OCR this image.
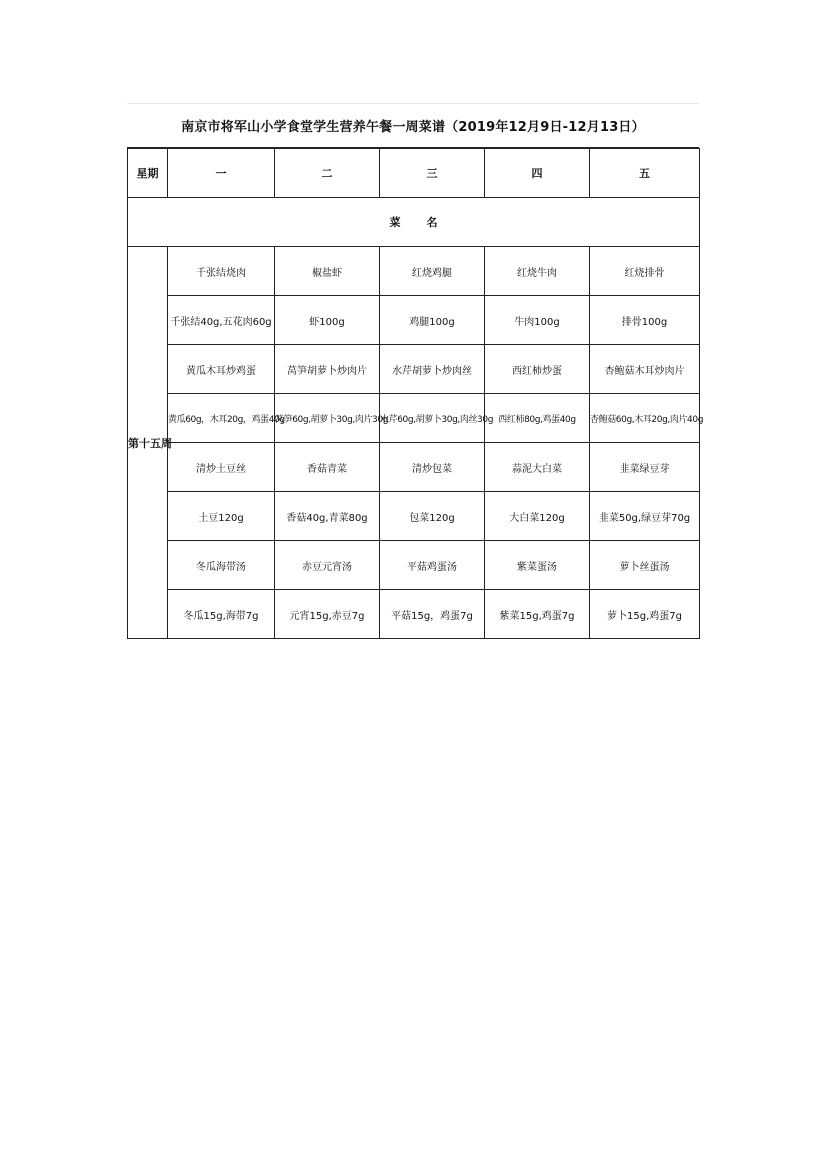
南京市将军山小学食堂学生营养午餐一周菜谱（2019年12月9日-12月13日）
星期	一	二	三	四	五
菜名					
第十五周	千张结烧肉	椒盐虾	红烧鸡腿	红烧牛肉	红烧排骨
	千张结40g,五花肉60g	虾100g	鸡腿100g	牛肉100g	排骨100g
	黄瓜木耳炒鸡蛋	莴笋胡萝卜炒肉片	水芹胡萝卜炒肉丝	西红柿炒蛋	杏鲍菇木耳炒肉片
	黄瓜60g，木耳20g，鸡蛋40g	莴笋60g,胡萝卜30g,肉片30g	水芹60g,胡萝卜30g,肉丝30g	西红柿80g,鸡蛋40g	杏鲍菇60g,木耳20g,肉片40g
	清炒土豆丝	香菇青菜	清炒包菜	蒜泥大白菜	韭菜绿豆芽
	土豆120g	香菇40g,青菜80g	包菜120g	大白菜120g	韭菜50g,绿豆芽70g
	冬瓜海带汤	赤豆元宵汤	平菇鸡蛋汤	紫菜蛋汤	萝卜丝蛋汤
	冬瓜15g,海带7g	元宵15g,赤豆7g	平菇15g，鸡蛋7g	紫菜15g,鸡蛋7g	萝卜15g,鸡蛋7g
